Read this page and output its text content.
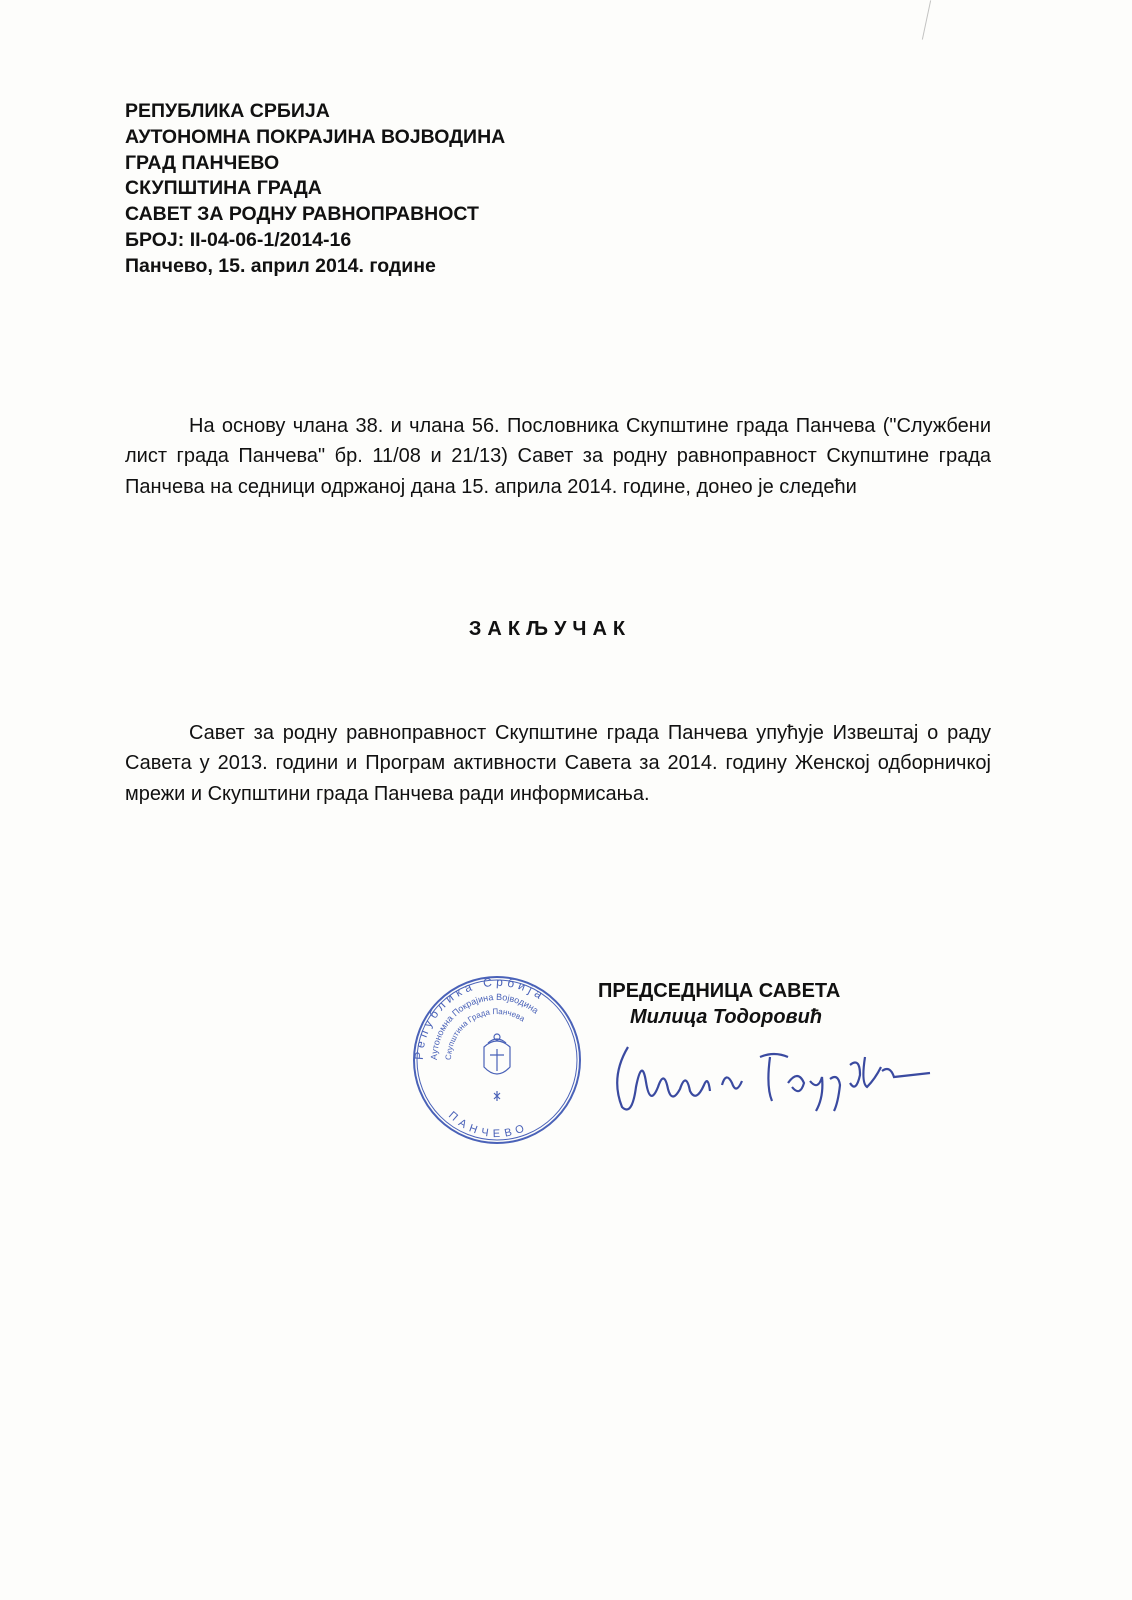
РЕПУБЛИКА СРБИЈА
АУТОНОМНА ПОКРАЈИНА ВОЈВОДИНА
ГРАД ПАНЧЕВО
СКУПШТИНА ГРАДА
САВЕТ ЗА РОДНУ РАВНОПРАВНОСТ
БРОЈ: II-04-06-1/2014-16
Панчево, 15. април 2014. године
На основу члана 38. и члана 56. Пословника Скупштине града Панчева ("Службени лист града Панчева" бр. 11/08 и 21/13) Савет за родну равноправност Скупштине града Панчева на седници одржаној дана 15. априла 2014. године, донео је следећи
ЗАКЉУЧАК
Савет за родну равноправност Скупштине града Панчева упућује Извештај о раду Савета у 2013. години и Програм активности Савета за 2014. годину Женској одборничкој мрежи и Скупштини града Панчева ради информисања.
Република Србија
Аутономна Покрајина Војводина
Скупштина Града Панчева
ПАНЧЕВО
ПРЕДСЕДНИЦА САВЕТА
Милица Тодоровић
